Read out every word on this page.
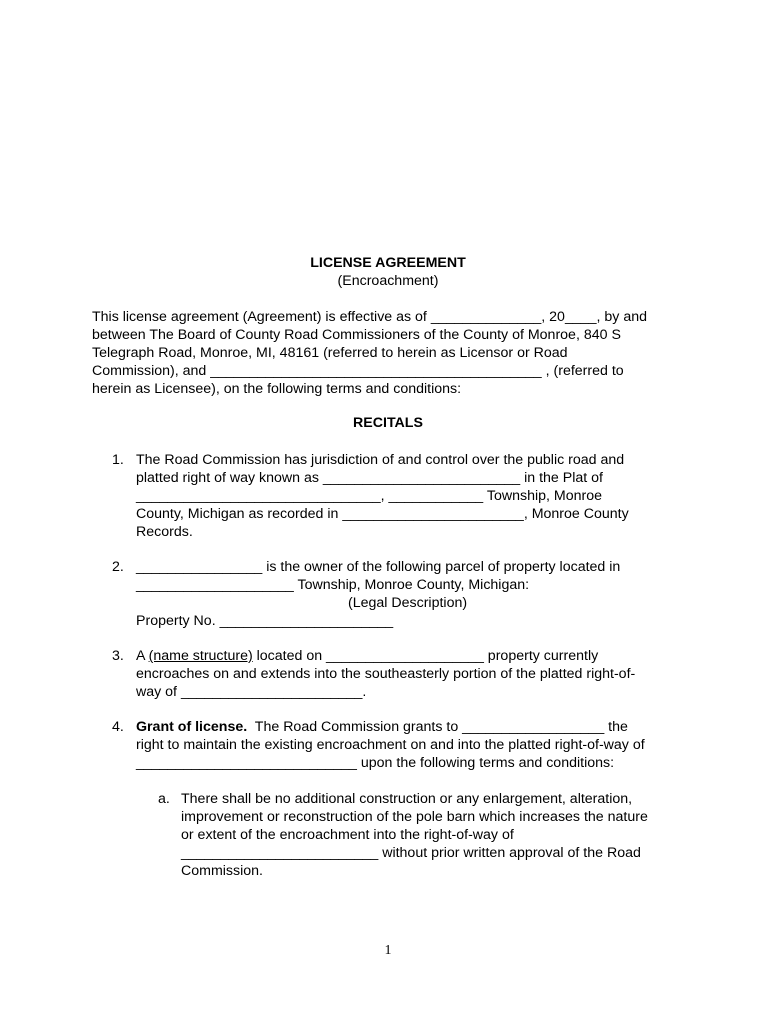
LICENSE AGREEMENT
(Encroachment)
This license agreement (Agreement) is effective as of ______________, 20____, by and
between The Board of County Road Commissioners of the County of Monroe, 840 S
Telegraph Road, Monroe, MI, 48161 (referred to herein as Licensor or Road
Commission), and __________________________________________ , (referred to
herein as Licensee), on the following terms and conditions:
RECITALS
1. The Road Commission has jurisdiction of and control over the public road and
platted right of way known as _________________________ in the Plat of
_______________________________, ____________ Township, Monroe
County, Michigan as recorded in _______________________, Monroe County
Records.
2. ________________ is the owner of the following parcel of property located in
____________________ Township, Monroe County, Michigan:
(Legal Description)
Property No. ______________________
3. A (name structure) located on ____________________ property currently
encroaches on and extends into the southeasterly portion of the platted right-of-
way of _______________________.
4. Grant of license.  The Road Commission grants to __________________ the
right to maintain the existing encroachment on and into the platted right-of-way of
____________________________ upon the following terms and conditions:
a. There shall be no additional construction or any enlargement, alteration,
improvement or reconstruction of the pole barn which increases the nature
or extent of the encroachment into the right-of-way of
_________________________ without prior written approval of the Road
Commission.
1
